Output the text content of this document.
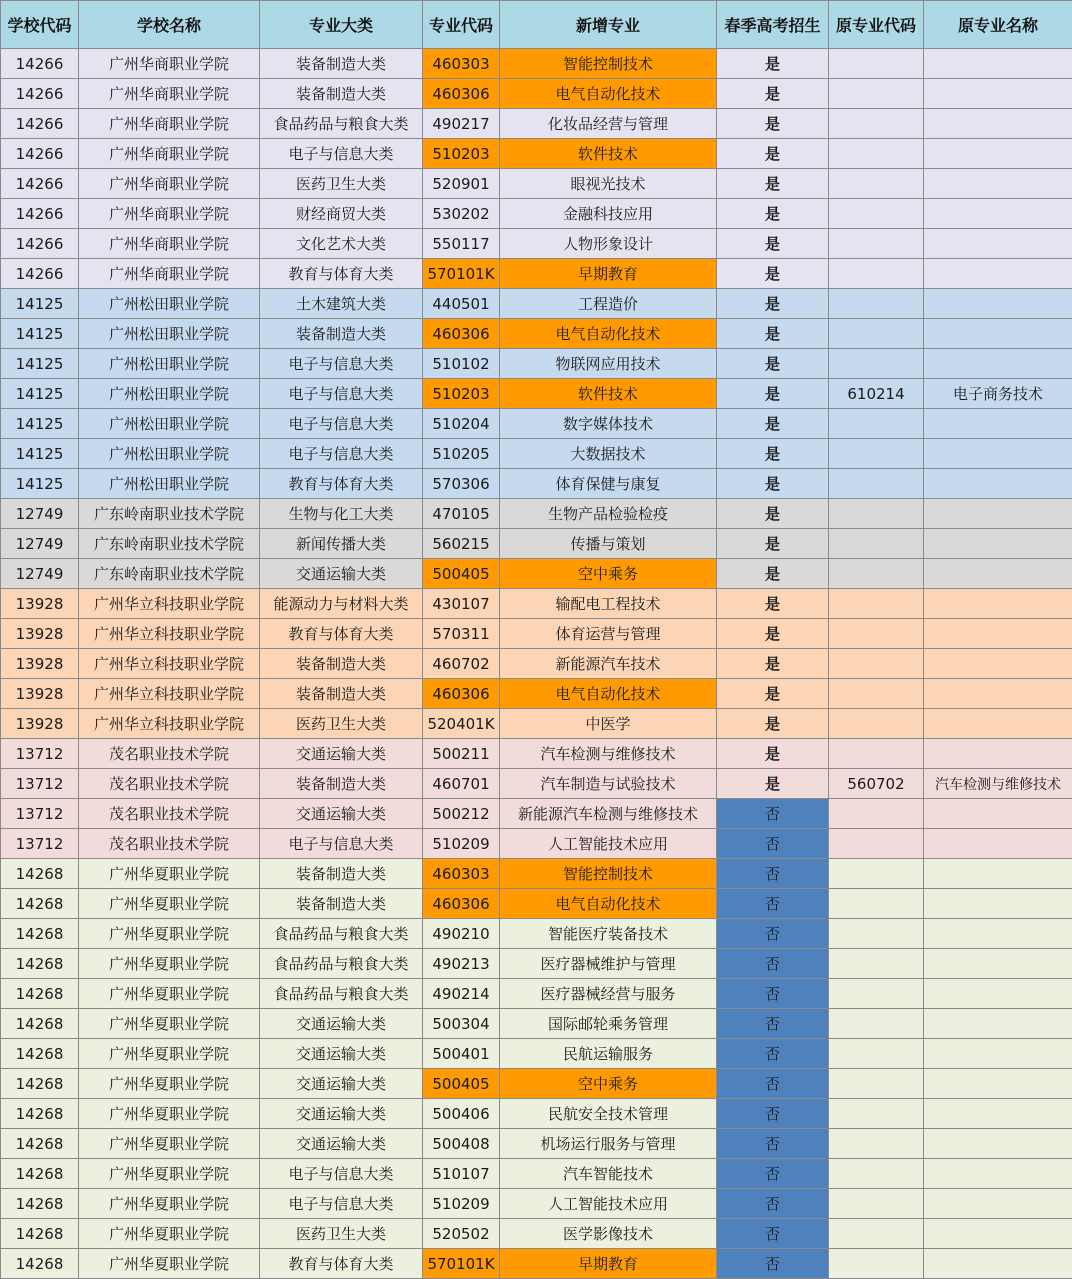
学校代码	学校名称	专业大类	专业代码	新增专业	春季高考招生	原专业代码	原专业名称
14266	广州华商职业学院	装备制造大类	460303	智能控制技术	是		
14266	广州华商职业学院	装备制造大类	460306	电气自动化技术	是		
14266	广州华商职业学院	食品药品与粮食大类	490217	化妆品经营与管理	是		
14266	广州华商职业学院	电子与信息大类	510203	软件技术	是		
14266	广州华商职业学院	医药卫生大类	520901	眼视光技术	是		
14266	广州华商职业学院	财经商贸大类	530202	金融科技应用	是		
14266	广州华商职业学院	文化艺术大类	550117	人物形象设计	是		
14266	广州华商职业学院	教育与体育大类	570101K	早期教育	是		
14125	广州松田职业学院	土木建筑大类	440501	工程造价	是		
14125	广州松田职业学院	装备制造大类	460306	电气自动化技术	是		
14125	广州松田职业学院	电子与信息大类	510102	物联网应用技术	是		
14125	广州松田职业学院	电子与信息大类	510203	软件技术	是	610214	电子商务技术
14125	广州松田职业学院	电子与信息大类	510204	数字媒体技术	是		
14125	广州松田职业学院	电子与信息大类	510205	大数据技术	是		
14125	广州松田职业学院	教育与体育大类	570306	体育保健与康复	是		
12749	广东岭南职业技术学院	生物与化工大类	470105	生物产品检验检疫	是		
12749	广东岭南职业技术学院	新闻传播大类	560215	传播与策划	是		
12749	广东岭南职业技术学院	交通运输大类	500405	空中乘务	是		
13928	广州华立科技职业学院	能源动力与材料大类	430107	输配电工程技术	是		
13928	广州华立科技职业学院	教育与体育大类	570311	体育运营与管理	是		
13928	广州华立科技职业学院	装备制造大类	460702	新能源汽车技术	是		
13928	广州华立科技职业学院	装备制造大类	460306	电气自动化技术	是		
13928	广州华立科技职业学院	医药卫生大类	520401K	中医学	是		
13712	茂名职业技术学院	交通运输大类	500211	汽车检测与维修技术	是		
13712	茂名职业技术学院	装备制造大类	460701	汽车制造与试验技术	是	560702	汽车检测与维修技术
13712	茂名职业技术学院	交通运输大类	500212	新能源汽车检测与维修技术	否		
13712	茂名职业技术学院	电子与信息大类	510209	人工智能技术应用	否		
14268	广州华夏职业学院	装备制造大类	460303	智能控制技术	否		
14268	广州华夏职业学院	装备制造大类	460306	电气自动化技术	否		
14268	广州华夏职业学院	食品药品与粮食大类	490210	智能医疗装备技术	否		
14268	广州华夏职业学院	食品药品与粮食大类	490213	医疗器械维护与管理	否		
14268	广州华夏职业学院	食品药品与粮食大类	490214	医疗器械经营与服务	否		
14268	广州华夏职业学院	交通运输大类	500304	国际邮轮乘务管理	否		
14268	广州华夏职业学院	交通运输大类	500401	民航运输服务	否		
14268	广州华夏职业学院	交通运输大类	500405	空中乘务	否		
14268	广州华夏职业学院	交通运输大类	500406	民航安全技术管理	否		
14268	广州华夏职业学院	交通运输大类	500408	机场运行服务与管理	否		
14268	广州华夏职业学院	电子与信息大类	510107	汽车智能技术	否		
14268	广州华夏职业学院	电子与信息大类	510209	人工智能技术应用	否		
14268	广州华夏职业学院	医药卫生大类	520502	医学影像技术	否		
14268	广州华夏职业学院	教育与体育大类	570101K	早期教育	否		
